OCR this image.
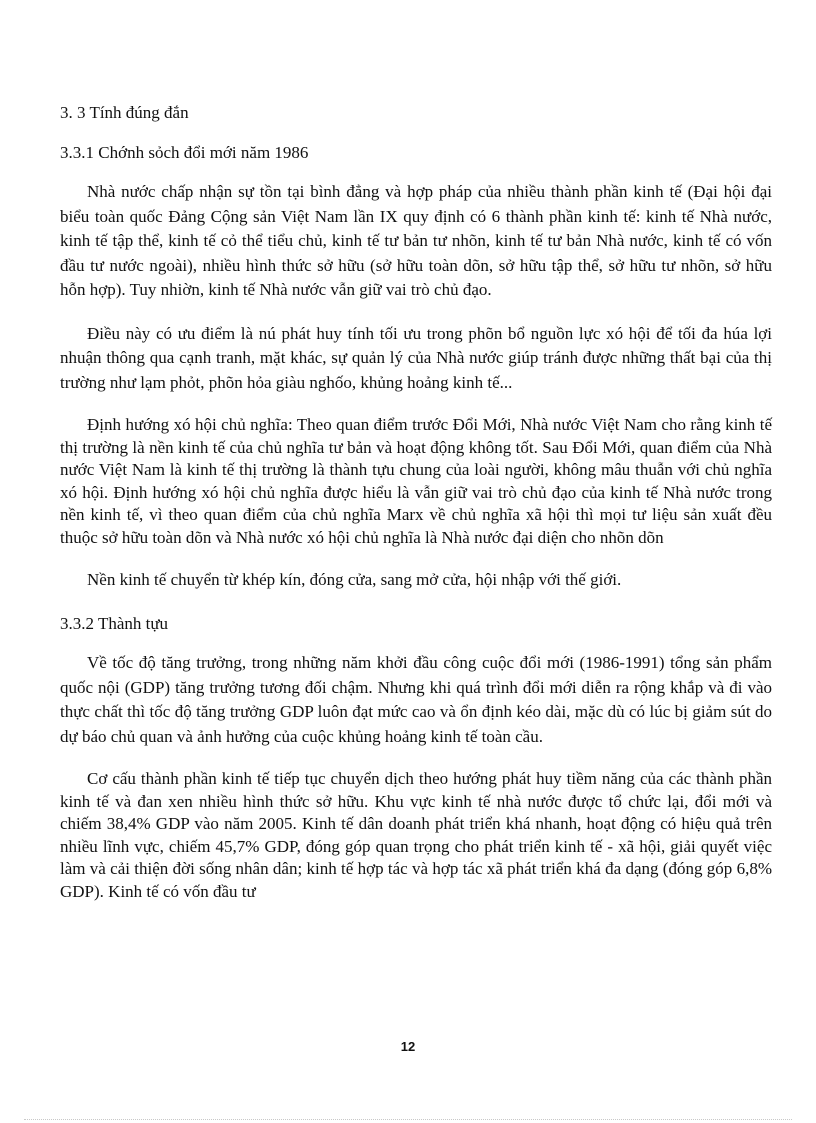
3. 3 Tính đúng đắn

3.3.1 Chớnh sỏch đổi mới năm 1986

Nhà nước chấp nhận sự tồn tại bình đẳng và hợp pháp của nhiều thành phần kinh tế (Đại hội đại biểu toàn quốc Đảng Cộng sản Việt Nam lần IX quy định có 6 thành phần kinh tế: kinh tế Nhà nước, kinh tế tập thể, kinh tế cỏ thể tiểu chủ, kinh tế tư bản tư nhõn, kinh tế tư bản Nhà nước, kinh tế có vốn đầu tư nước ngoài), nhiều hình thức sở hữu (sở hữu toàn dõn, sở hữu tập thể, sở hữu tư nhõn, sở hữu hỗn hợp). Tuy nhiờn, kinh tế Nhà nước vẫn giữ vai trò chủ đạo.

Điều này có ưu điểm là nú phát huy tính tối ưu trong phõn bổ nguồn lực xó hội để tối đa húa lợi nhuận thông qua cạnh tranh, mặt khác, sự quản lý của Nhà nước giúp tránh được những thất bại của thị trường như lạm phỏt, phõn hỏa giàu nghốo, khủng hoảng kinh tế...

Định hướng xó hội chủ nghĩa: Theo quan điểm trước Đổi Mới, Nhà nước Việt Nam cho rằng kinh tế thị trường là nền kinh tế của chủ nghĩa tư bản và hoạt động không tốt. Sau Đổi Mới, quan điểm của Nhà nước Việt Nam là kinh tế thị trường là thành tựu chung của loài người, không mâu thuẫn với chủ nghĩa xó hội. Định hướng xó hội chủ nghĩa được hiểu là vẫn giữ vai trò chủ đạo của kinh tế Nhà nước trong nền kinh tế, vì theo quan điểm của chủ nghĩa Marx về chủ nghĩa xã hội thì mọi tư liệu sản xuất đều thuộc sở hữu toàn dõn và Nhà nước xó hội chủ nghĩa là Nhà nước đại diện cho nhõn dõn

Nền kinh tế chuyển từ khép kín, đóng cửa, sang mở cửa, hội nhập với thế giới.

3.3.2 Thành tựu

Về tốc độ tăng trưởng, trong những năm khởi đầu công cuộc đổi mới (1986-1991) tổng sản phẩm quốc nội (GDP) tăng trưởng tương đối chậm. Nhưng khi quá trình đổi mới diễn ra rộng khắp và đi vào thực chất thì tốc độ tăng trưởng GDP luôn đạt mức cao và ổn định kéo dài, mặc dù có lúc bị giảm sút do dự báo chủ quan và ảnh hưởng của cuộc khủng hoảng kinh tế toàn cầu.

Cơ cấu thành phần kinh tế tiếp tục chuyển dịch theo hướng phát huy tiềm năng của các thành phần kinh tế và đan xen nhiều hình thức sở hữu. Khu vực kinh tế nhà nước được tổ chức lại, đổi mới và chiếm 38,4% GDP vào năm 2005. Kinh tế dân doanh phát triển khá nhanh, hoạt động có hiệu quả trên nhiều lĩnh vực, chiếm 45,7% GDP, đóng góp quan trọng cho phát triển kinh tế - xã hội, giải quyết việc làm và cải thiện đời sống nhân dân; kinh tế hợp tác và hợp tác xã phát triển khá đa dạng (đóng góp 6,8% GDP). Kinh tế có vốn đầu tư

12
